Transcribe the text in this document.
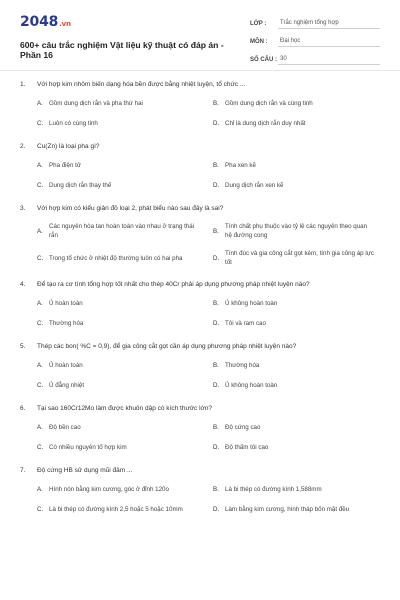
2048.vn
600+ câu trắc nghiệm Vật liệu kỹ thuật có đáp án - Phần 16
LỚP :	Trắc nghiệm tổng hợp
MÔN :	Đại học
SỐ CÂU : 30
1.	Với hợp kim nhôm biến dạng hóa bền được bằng nhiệt luyện, tổ chức ...
A. Gồm dung dịch rắn và pha thứ hai	B. Gồm dung dịch rắn và cùng tinh
C. Luôn có cùng tinh	D. Chỉ là dung dịch rắn duy nhất
2.	Cu(Zn) là loại pha gì?
A. Pha điện tử	B. Pha xen kẽ
C. Dung dịch rắn thay thế	D. Dung dịch rắn xen kẽ
3.	Với hợp kim có kiểu giản đồ loại 2, phát biểu nào sau đây là sai?
A.
Các nguyên hòa tan hoàn toàn vào nhau ở trạng thái rắn
B.
Tính chất phụ thuộc vào tỷ lệ các nguyên theo quan hệ đường cong
C. Trong tổ chức ở nhiệt độ thường luôn có hai pha	D.
Tính đúc và gia công cắt gọt kém, tính gia công áp lực tốt
4.	Để tạo ra cơ tính tổng hợp tốt nhất cho thép 40Cr phải áp dụng phương pháp nhiệt luyện nào?
A. Ủ hoàn toàn	B. Ủ không hoàn toàn
C. Thường hóa	D. Tôi và ram cao
5.	Thép các bon( %C = 0,9), để gia công cắt gọt cần áp dụng phương pháp nhiệt luyện nào?
A. Ủ hoàn toàn	B. Thường hóa
C. Ủ đẳng nhiệt	D. Ủ không hoàn toàn
6.	Tại sao 160Cr12Mo làm được khuôn dập có kích thước lớn?
A. Độ bền cao	B. Độ cứng cao
C. Có nhiều nguyên tố hợp kim	D. Độ thấm tôi cao
7.	Độ cứng HB sử dụng mũi đâm ...
A. Hình nón bằng kim cương, góc ở đỉnh 120o	B. Là bi thép có đường kính 1,588mm
C. Là bi thép có đường kính 2,5 hoặc 5 hoặc 10mm	D. Làm bằng kim cương, hình tháp bốn mặt đều
